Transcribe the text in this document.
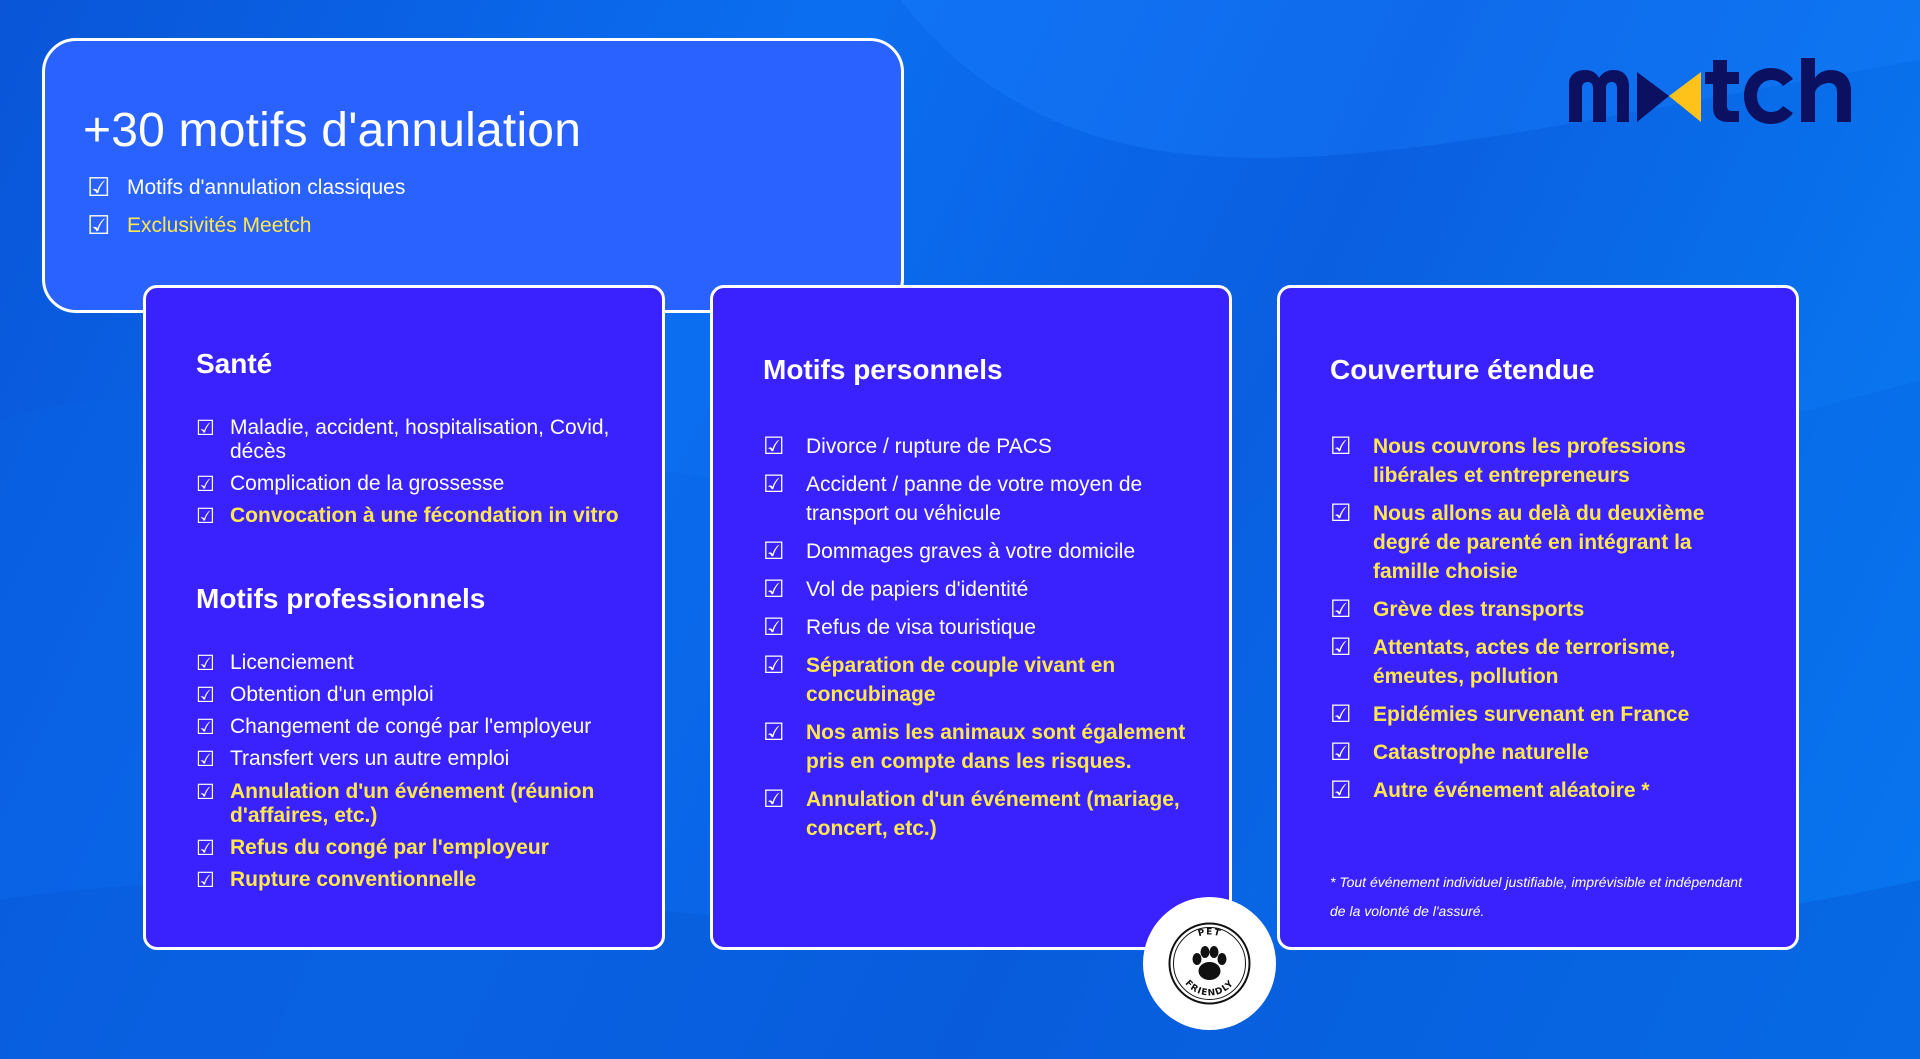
+30 motifs d'annulation
☑ Motifs d'annulation classiques
☑ Exclusivités Meetch
Santé
☑ Maladie, accident, hospitalisation, Covid, décès
☑ Complication de la grossesse
☑ Convocation à une fécondation in vitro
Motifs professionnels
☑ Licenciement
☑ Obtention d'un emploi
☑ Changement de congé par l'employeur
☑ Transfert vers un autre emploi
☑ Annulation d'un événement (réunion d'affaires, etc.)
☑ Refus du congé par l'employeur
☑ Rupture conventionnelle
Motifs personnels
☑	Divorce / rupture de PACS
☑	Accident / panne de votre moyen de transport ou véhicule
☑	Dommages graves à votre domicile
☑	Vol de papiers d'identité
☑	Refus de visa touristique
☑	Séparation de couple vivant en concubinage
☑	Nos amis les animaux sont également pris en compte dans les risques.
☑	Annulation d'un événement (mariage, concert, etc.)
Couverture étendue
☑	Nous couvrons les professions libérales et entrepreneurs
☑	Nous allons au delà du deuxième degré de parenté en intégrant la famille choisie
☑	Grève des transports
☑	Attentats, actes de terrorisme, émeutes, pollution
☑	Epidémies survenant en France
☑	Catastrophe naturelle
☑	Autre événement aléatoire *

* Tout événement individuel justifiable, imprévisible et indépendant de la volonté de l'assuré.

PET
FRIENDLY
